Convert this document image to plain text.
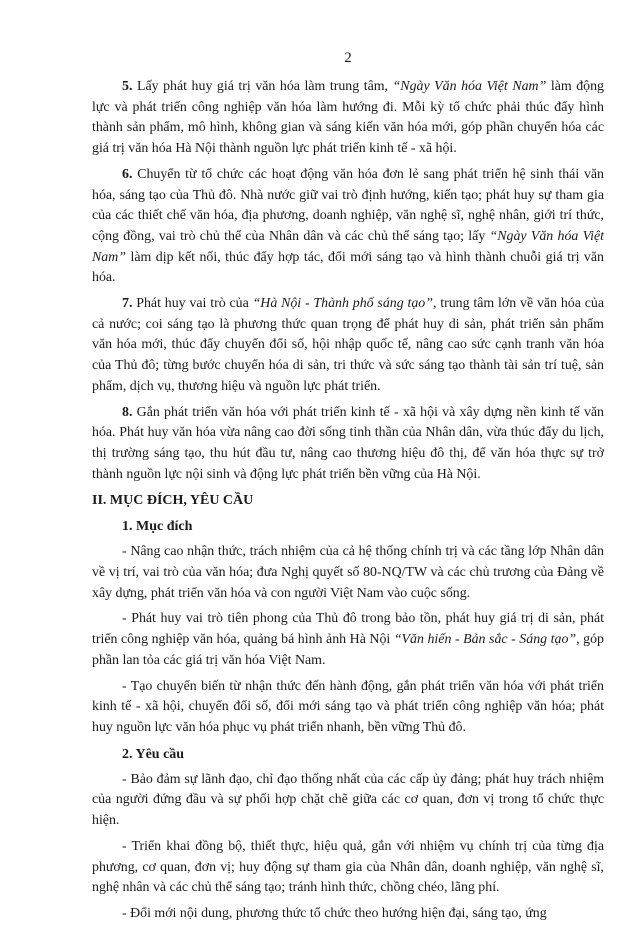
2

5. Lấy phát huy giá trị văn hóa làm trung tâm, “Ngày Văn hóa Việt Nam” làm động lực và phát triển công nghiệp văn hóa làm hướng đi. Mỗi kỳ tổ chức phải thúc đẩy hình thành sản phẩm, mô hình, không gian và sáng kiến văn hóa mới, góp phần chuyển hóa các giá trị văn hóa Hà Nội thành nguồn lực phát triển kinh tế - xã hội.

6. Chuyển từ tổ chức các hoạt động văn hóa đơn lẻ sang phát triển hệ sinh thái văn hóa, sáng tạo của Thủ đô. Nhà nước giữ vai trò định hướng, kiến tạo; phát huy sự tham gia của các thiết chế văn hóa, địa phương, doanh nghiệp, văn nghệ sĩ, nghệ nhân, giới trí thức, cộng đồng, vai trò chủ thể của Nhân dân và các chủ thể sáng tạo; lấy “Ngày Văn hóa Việt Nam” làm dịp kết nối, thúc đẩy hợp tác, đổi mới sáng tạo và hình thành chuỗi giá trị văn hóa.

7. Phát huy vai trò của “Hà Nội - Thành phố sáng tạo”, trung tâm lớn về văn hóa của cả nước; coi sáng tạo là phương thức quan trọng để phát huy di sản, phát triển sản phẩm văn hóa mới, thúc đẩy chuyển đổi số, hội nhập quốc tế, nâng cao sức cạnh tranh văn hóa của Thủ đô; từng bước chuyển hóa di sản, tri thức và sức sáng tạo thành tài sản trí tuệ, sản phẩm, dịch vụ, thương hiệu và nguồn lực phát triển.

8. Gắn phát triển văn hóa với phát triển kinh tế - xã hội và xây dựng nền kinh tế văn hóa. Phát huy văn hóa vừa nâng cao đời sống tinh thần của Nhân dân, vừa thúc đẩy du lịch, thị trường sáng tạo, thu hút đầu tư, nâng cao thương hiệu đô thị, để văn hóa thực sự trở thành nguồn lực nội sinh và động lực phát triển bền vững của Hà Nội.

II. MỤC ĐÍCH, YÊU CẦU
1. Mục đích

- Nâng cao nhận thức, trách nhiệm của cả hệ thống chính trị và các tầng lớp Nhân dân về vị trí, vai trò của văn hóa; đưa Nghị quyết số 80-NQ/TW và các chủ trương của Đảng về xây dựng, phát triển văn hóa và con người Việt Nam vào cuộc sống.

- Phát huy vai trò tiên phong của Thủ đô trong bảo tồn, phát huy giá trị di sản, phát triển công nghiệp văn hóa, quảng bá hình ảnh Hà Nội “Văn hiến - Bản sắc - Sáng tạo”, góp phần lan tỏa các giá trị văn hóa Việt Nam.

- Tạo chuyển biến từ nhận thức đến hành động, gắn phát triển văn hóa với phát triển kinh tế - xã hội, chuyển đổi số, đổi mới sáng tạo và phát triển công nghiệp văn hóa; phát huy nguồn lực văn hóa phục vụ phát triển nhanh, bền vững Thủ đô.

2. Yêu cầu

- Bảo đảm sự lãnh đạo, chỉ đạo thống nhất của các cấp ủy đảng; phát huy trách nhiệm của người đứng đầu và sự phối hợp chặt chẽ giữa các cơ quan, đơn vị trong tổ chức thực hiện.

- Triển khai đồng bộ, thiết thực, hiệu quả, gắn với nhiệm vụ chính trị của từng địa phương, cơ quan, đơn vị; huy động sự tham gia của Nhân dân, doanh nghiệp, văn nghệ sĩ, nghệ nhân và các chủ thể sáng tạo; tránh hình thức, chồng chéo, lãng phí.

- Đổi mới nội dung, phương thức tổ chức theo hướng hiện đại, sáng tạo, ứng
